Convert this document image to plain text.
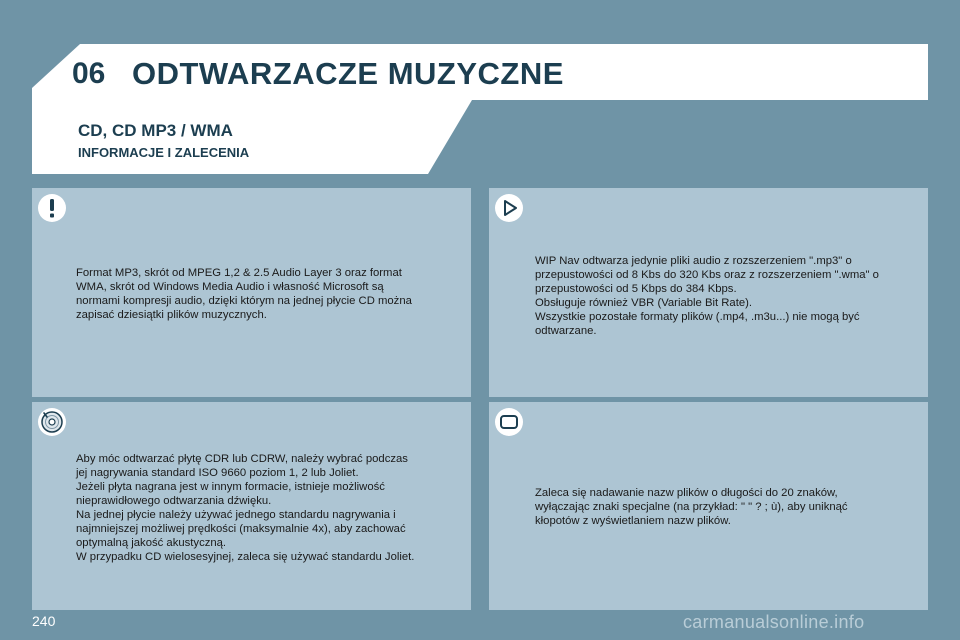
06 ODTWARZACZE MUZYCZNE
CD, CD MP3 / WMA
INFORMACJE I ZALECENIA
Format MP3, skrót od MPEG 1,2 & 2.5 Audio Layer 3 oraz format
WMA, skrót od Windows Media Audio i własność Microsoft są
normami kompresji audio, dzięki którym na jednej płycie CD można
zapisać dziesiątki plików muzycznych.
WIP Nav odtwarza jedynie pliki audio z rozszerzeniem ".mp3" o
przepustowości od 8 Kbs do 320 Kbs oraz z rozszerzeniem ".wma" o
przepustowości od 5 Kbps do 384 Kbps.
Obsługuje również VBR (Variable Bit Rate).
Wszystkie pozostałe formaty plików (.mp4, .m3u...) nie mogą być
odtwarzane.
Aby móc odtwarzać płytę CDR lub CDRW, należy wybrać podczas
jej nagrywania standard ISO 9660 poziom 1, 2 lub Joliet.
Jeżeli płyta nagrana jest w innym formacie, istnieje możliwość
nieprawidłowego odtwarzania dźwięku.
Na jednej płycie należy używać jednego standardu nagrywania i
najmniejszej możliwej prędkości (maksymalnie 4x), aby zachować
optymalną jakość akustyczną.
W przypadku CD wielosesyjnej, zaleca się używać standardu Joliet.
Zaleca się nadawanie nazw plików o długości do 20 znaków,
wyłączając znaki specjalne (na przykład: " " ? ; ù), aby uniknąć
kłopotów z wyświetlaniem nazw plików.
240	carmanualsonline.info
